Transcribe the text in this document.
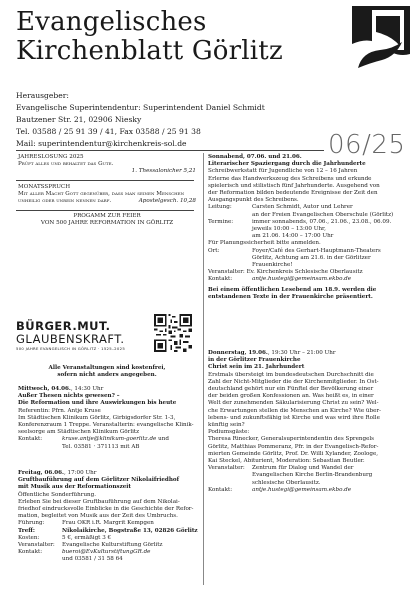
Evangelisches
Kirchenblatt Görlitz
Herausgeber:
Evangelische Superintendentur: Superintendent Daniel Schmidt
Bautzener Str. 21, 02906 Niesky
Tel. 03588 / 25 91 39 / 41, Fax 03588 / 25 91 38
Mail: superintendentur@kirchenkreis-sol.de	06/25
JAHRESLOSUNG 2025
Prüft alles und behaltet das Gute.
1. Thessalonicher 5,21
MONATSSPRUCH
Mit aller Macht Gott gegenüber, dass man seinen Menschen
unheilig oder unrein nennen darf.	Apostelgesch. 10,28
PROGAMM ZUR FEIER
VON 500 JAHRE REFORMATION IN GÖRLITZ
BÜRGER.MUT.
GLAUBENSKRAFT.
500 JAHRE EVANGELISCH IN GÖRLITZ · 1525–2025
Alle Veranstaltungen sind kostenfrei,
sofern nicht anders angegeben.
Mittwoch, 04.06., 14:30 Uhr
Außer Thesen nichts gewesen? –
Die Reformation und ihre Auswirkungen bis heute
Referentin: Pfrn. Antje Kruse
Im Städtischen Klinikum Görlitz, Girbigsdorfer Str. 1-3,
Konferenzraum 1 Treppe. Veranstalterin: evangelische Klinik-
seelsorge am Städtischen Klinikum Görlitz
Kontakt:	kruse.antje@klinikum-goerlitz.de
und
Tel. 03581 · 371113 mit AB
Freitag, 06.06., 17:00 Uhr
Gruftbauführung auf dem Görlitzer Nikolaifriedhof
mit Musik aus der Reformationszeit
Öffentliche Sonderführung.
Erleben Sie bei dieser Gruftbauführung auf dem Nikolai-
friedhof eindrucksvolle Einblicke in die Geschichte der Refor-
mation, begleitet von Musik aus der Zeit des Umbruchs.
Führung:	Frau OKR i.R. Margrit Kempgen
Treff:	Nikolaikirche, Bogstraße 13, 02826 Görlitz
Kosten:	5 €, ermäßigt 3 €
Veranstalter:	Evangelische Kulturstiftung Görlitz
Kontakt:	bueroi@EvKulturstiftungGR.de
und 03581 / 31 58 64
Sonnabend, 07.06. und 21.06.
Literarischer Spaziergang durch die Jahrhunderte
Schreibwerkstatt für Jugendliche von 12 – 16 Jahren
Erlerne das Handwerkszeug des Schreibens und erkunde
spielerisch und stilistisch fünf Jahrhunderte. Ausgehend von
der Reformation bilden bedeutende Ereignisse der Zeit den
Ausgangspunkt des Schreibens.
Leitung:	Carsten Schmidt, Autor und Lehrer
an der Freien Evangelischen Oberschule (Görlitz)
Termine:	immer sonnabends, 07.06., 21.06., 23.08., 06.09.
jeweils 10:00 – 13:00 Uhr,
am 21.06. 14:00 – 17:00 Uhr
Für Planungssicherheit bitte anmelden.
Ort:	Foyer/Café des Gerhart-Hauptmann-Theaters
Görlitz, Achtung am 21.6. in der Görlitzer
Frauenkirche!
Veranstalter: Ev. Kirchenkreis Schlesische Oberlausitz
Kontakt:	antje.hustegi@gemeinsam.ekbo.de
Bei einem öffentlichen Lesebend am 18.9. werden die
entstandenen Texte in der Frauenkirche präsentiert.
Donnerstag, 19.06., 19:30 Uhr – 21:00 Uhr
in der Görlitzer Frauenkirche
Christ sein im 21. Jahrhundert
Erstmals übersteigt im bundesdeutschen Durchschnitt die
Zahl der Nicht-Mitglieder die der Kirchenmitglieder. In Ost-
deutschland gehört nur ein Fünftel der Bevölkerung einer
der beiden großen Konfessionen an. Was heißt es, in einer
Welt der zunehmenden Säkularisierung Christ zu sein? Wel-
che Erwartungen stellen die Menschen an Kirche? Wie über-
lebens- und zukunftsfähig ist Kirche und was wird ihre Rolle
künftig sein?
Podiumsgäste:
Theresa Rinecker, Generalsuperintendentin des Sprengels
Görlitz, Matthias Pommeranz, Pfr. in der Evangelisch-Refor-
mierten Gemeinde Görlitz, Prof. Dr. Willi Xylander, Zoologe,
Kai Steckel, Abiturient, Moderation: Sebastian Beutler.
Veranstalter:	Zentrum für Dialog und Wandel der
Evangelischen Kirche Berlin-Brandenburg
schlesische Oberlausitz.
Kontakt:	antje.hustegi@gemeinsam.ekbo.de
